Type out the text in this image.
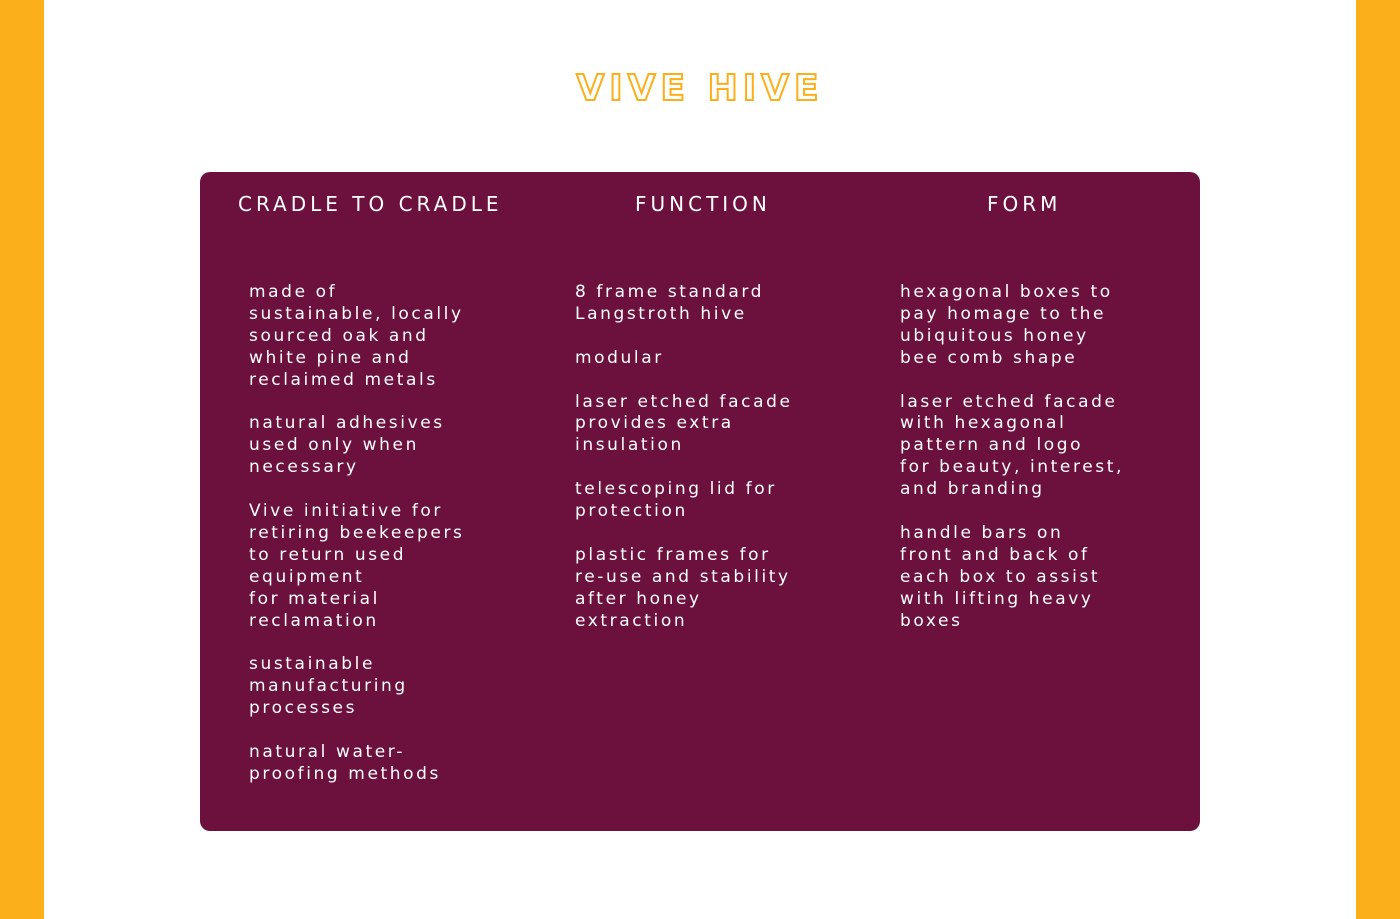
VIVE HIVE
CRADLE TO CRADLE	FUNCTION	FORM
made of
sustainable, locally
sourced oak and
white pine and
reclaimed metals
natural adhesives
used only when
necessary
Vive initiative for
retiring beekeepers
to return used
equipment
for material
reclamation
sustainable
manufacturing
processes
natural water-
proofing methods
8 frame standard
Langstroth hive
modular
laser etched facade
provides extra
insulation
telescoping lid for
protection
plastic frames for
re-use and stability
after honey
extraction
hexagonal boxes to
pay homage to the
ubiquitous honey
bee comb shape
laser etched facade
with hexagonal
pattern and logo
for beauty, interest,
and branding
handle bars on
front and back of
each box to assist
with lifting heavy
boxes
